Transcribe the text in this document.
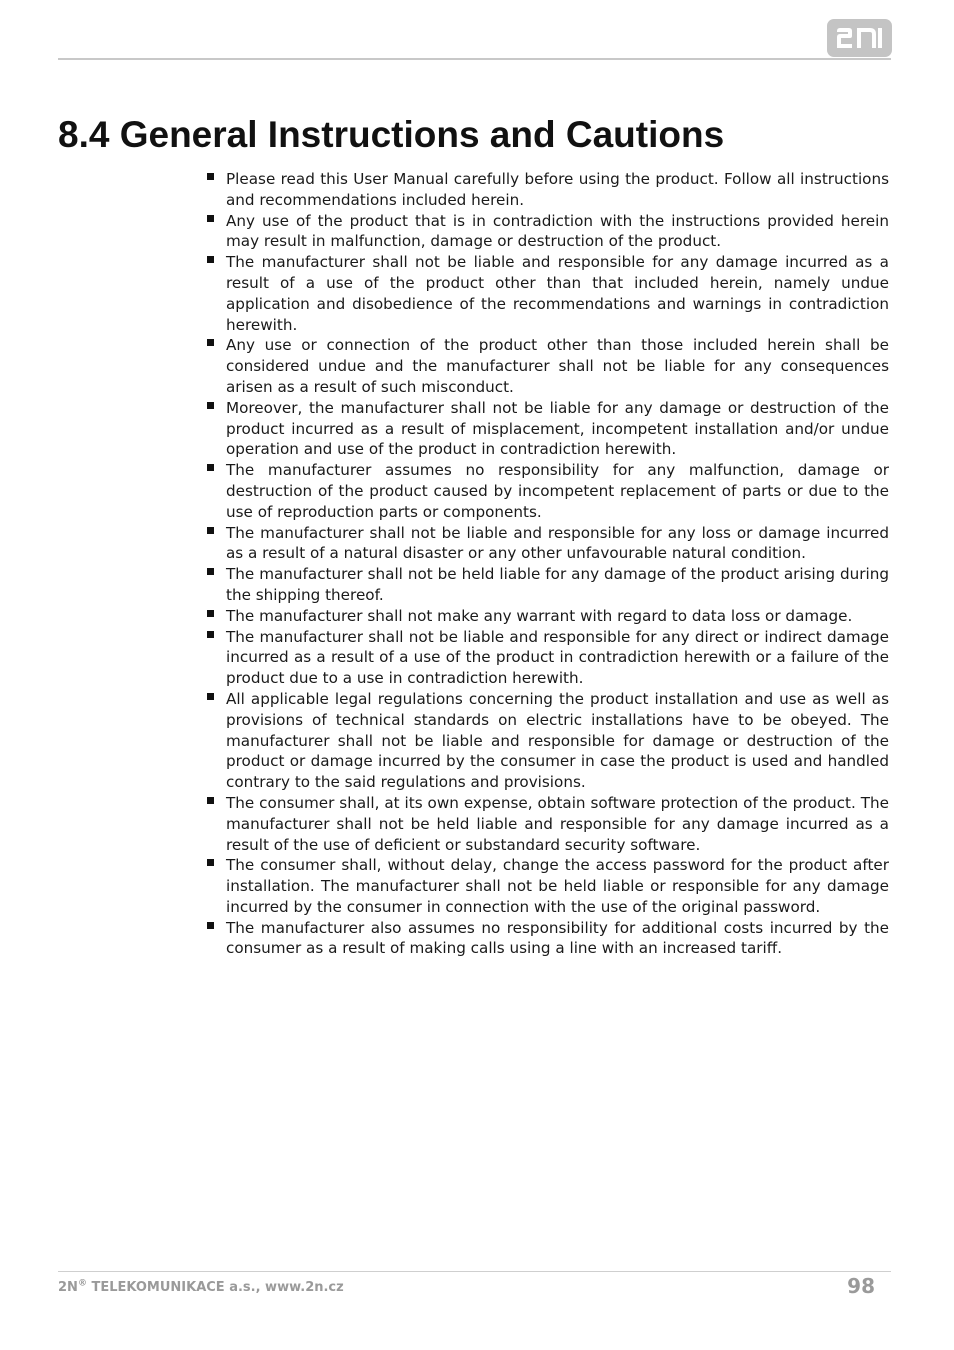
8.4 General Instructions and Cautions
Please read this User Manual carefully before using the product. Follow all instructions and recommendations included herein.
Any use of the product that is in contradiction with the instructions provided herein may result in malfunction, damage or destruction of the product.
The manufacturer shall not be liable and responsible for any damage incurred as a result of a use of the product other than that included herein, namely undue application and disobedience of the recommendations and warnings in contradiction herewith.
Any use or connection of the product other than those included herein shall be considered undue and the manufacturer shall not be liable for any consequences arisen as a result of such misconduct.
Moreover, the manufacturer shall not be liable for any damage or destruction of the product incurred as a result of misplacement, incompetent installation and/or undue operation and use of the product in contradiction herewith.
The manufacturer assumes no responsibility for any malfunction, damage or destruction of the product caused by incompetent replacement of parts or due to the use of reproduction parts or components.
The manufacturer shall not be liable and responsible for any loss or damage incurred as a result of a natural disaster or any other unfavourable natural condition.
The manufacturer shall not be held liable for any damage of the product arising during the shipping thereof.
The manufacturer shall not make any warrant with regard to data loss or damage.
The manufacturer shall not be liable and responsible for any direct or indirect damage incurred as a result of a use of the product in contradiction herewith or a failure of the product due to a use in contradiction herewith.
All applicable legal regulations concerning the product installation and use as well as provisions of technical standards on electric installations have to be obeyed. The manufacturer shall not be liable and responsible for damage or destruction of the product or damage incurred by the consumer in case the product is used and handled contrary to the said regulations and provisions.
The consumer shall, at its own expense, obtain software protection of the product. The manufacturer shall not be held liable and responsible for any damage incurred as a result of the use of deficient or substandard security software.
The consumer shall, without delay, change the access password for the product after installation. The manufacturer shall not be held liable or responsible for any damage incurred by the consumer in connection with the use of the original password.
The manufacturer also assumes no responsibility for additional costs incurred by the consumer as a result of making calls using a line with an increased tariff.
2N® TELEKOMUNIKACE a.s., www.2n.cz	98
